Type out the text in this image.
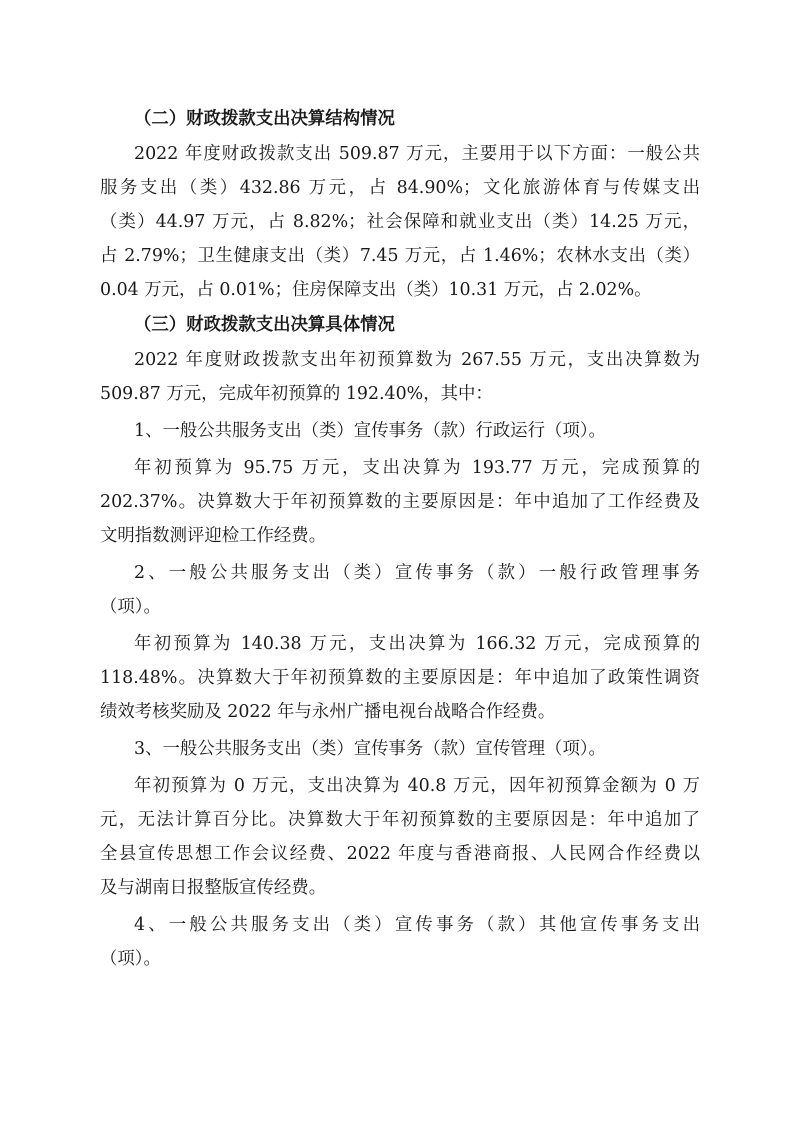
（二）财政拨款支出决算结构情况
2022 年度财政拨款支出 509.87 万元，主要用于以下方面：一般公共
服务支出（类）432.86 万元，占 84.90%；文化旅游体育与传媒支出
（类）44.97 万元，占 8.82%；社会保障和就业支出（类）14.25 万元，
占 2.79%；卫生健康支出（类）7.45 万元，占 1.46%；农林水支出（类）
0.04 万元，占 0.01%；住房保障支出（类）10.31 万元，占 2.02%。
（三）财政拨款支出决算具体情况
2022 年度财政拨款支出年初预算数为 267.55 万元，支出决算数为
509.87 万元，完成年初预算的 192.40%，其中：
1、一般公共服务支出（类）宣传事务（款）行政运行（项）。
年初预算为 95.75 万元，支出决算为 193.77 万元，完成预算的
202.37%。决算数大于年初预算数的主要原因是：年中追加了工作经费及
文明指数测评迎检工作经费。
2、一般公共服务支出（类）宣传事务（款）一般行政管理事务
（项）。
年初预算为 140.38 万元，支出决算为 166.32 万元，完成预算的
118.48%。决算数大于年初预算数的主要原因是：年中追加了政策性调资
绩效考核奖励及 2022 年与永州广播电视台战略合作经费。
3、一般公共服务支出（类）宣传事务（款）宣传管理（项）。
年初预算为 0 万元，支出决算为 40.8 万元，因年初预算金额为 0 万
元，无法计算百分比。决算数大于年初预算数的主要原因是：年中追加了
全县宣传思想工作会议经费、2022 年度与香港商报、人民网合作经费以
及与湖南日报整版宣传经费。
4、一般公共服务支出（类）宣传事务（款）其他宣传事务支出
（项）。
